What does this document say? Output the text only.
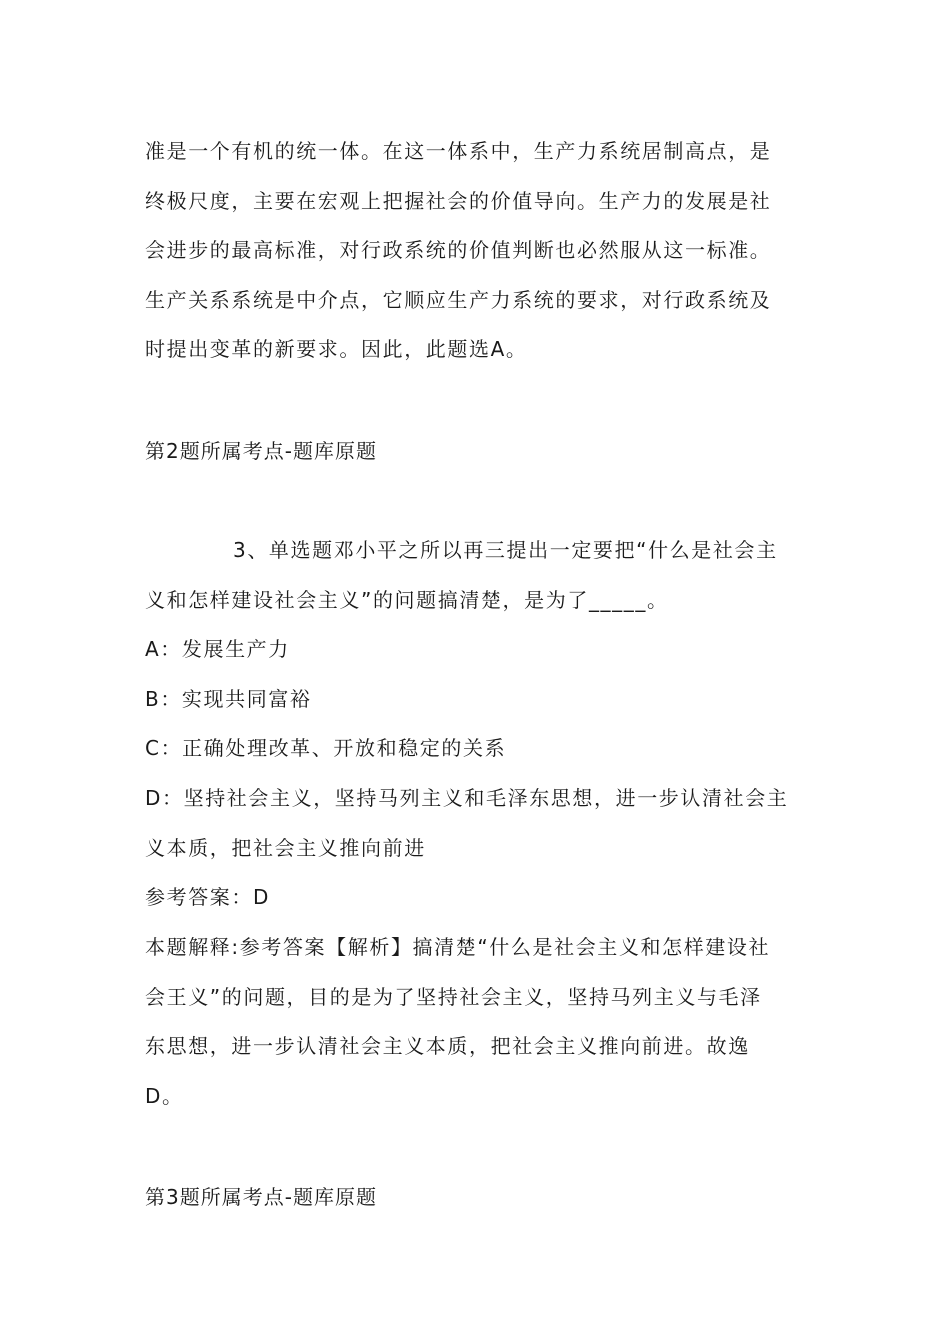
准是一个有机的统一体。在这一体系中，生产力系统居制高点，是
终极尺度，主要在宏观上把握社会的价值导向。生产力的发展是社
会进步的最高标准，对行政系统的价值判断也必然服从这一标准。
生产关系系统是中介点，它顺应生产力系统的要求，对行政系统及
时提出变革的新要求。因此，此题选A。
第2题所属考点-题库原题
3、单选题邓小平之所以再三提出一定要把“什么是社会主
义和怎样建设社会主义”的问题搞清楚，是为了_____。
A：发展生产力
B：实现共同富裕
C：正确处理改革、开放和稳定的关系
D：坚持社会主义，坚持马列主义和毛泽东思想，进一步认清社会主
义本质，把社会主义推向前进
参考答案：D
本题解释:参考答案【解析】搞清楚“什么是社会主义和怎样建设社
会王义”的问题，目的是为了坚持社会主义，坚持马列主义与毛泽
东思想，进一步认清社会主义本质，把社会主义推向前进。故逸
D。
第3题所属考点-题库原题
